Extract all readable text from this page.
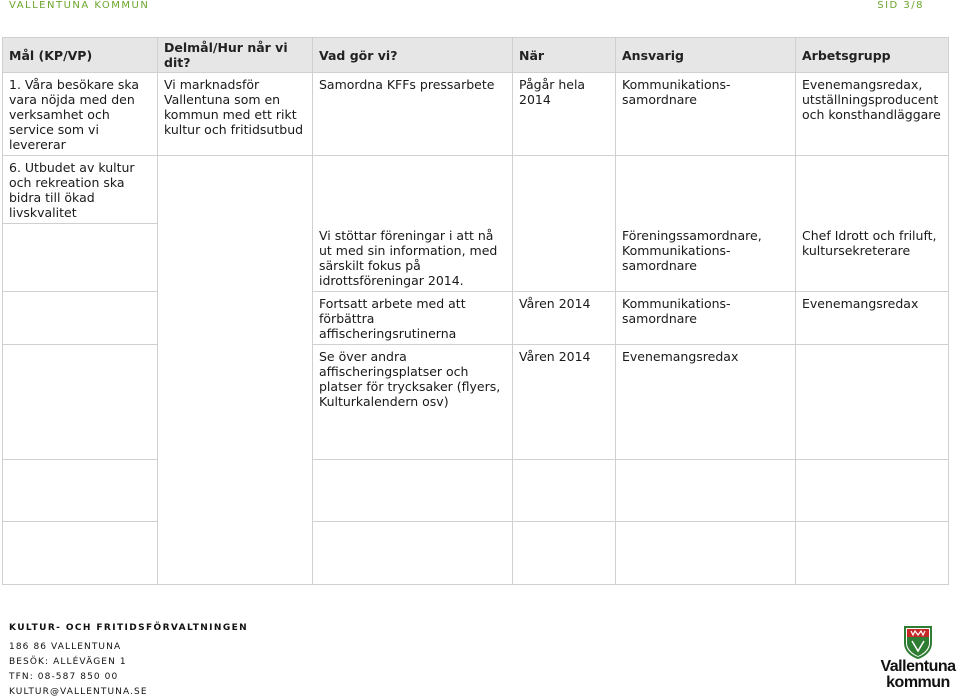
VALLENTUNA KOMMUN	SID 3/8
Mål (KP/VP)	Delmål/Hur når vi dit?	Vad gör vi?	När	Ansvarig	Arbetsgrupp
1. Våra besökare ska vara nöjda med den verksamhet och service som vi levererar	Vi marknadsför Vallentuna som en kommun med ett rikt kultur och fritidsutbud	Samordna KFFs pressarbete	Pågår hela 2014	Kommunikations-samordnare	Evenemangsredax, utställningsproducent och konsthandläggare
6. Utbudet av kultur och rekreation ska bidra till ökad livskvalitet					
		Vi stöttar föreningar i att nå ut med sin information, med särskilt fokus på idrottsföreningar 2014.		Föreningssamordnare, Kommunikations-samordnare	Chef Idrott och friluft, kultursekreterare
		Fortsatt arbete med att förbättra affischeringsrutinerna	Våren 2014	Kommunikations-samordnare	Evenemangsredax
		Se över andra affischeringsplatser och platser för trycksaker (flyers, Kulturkalendern osv)	Våren 2014	Evenemangsredax	

KULTUR- OCH FRITIDSFÖRVALTNINGEN
186 86 VALLENTUNA
BESÖK: ALLÉVÄGEN 1
TFN: 08-587 850 00
KULTUR@VALLENTUNA.SE
Vallentuna
kommun
